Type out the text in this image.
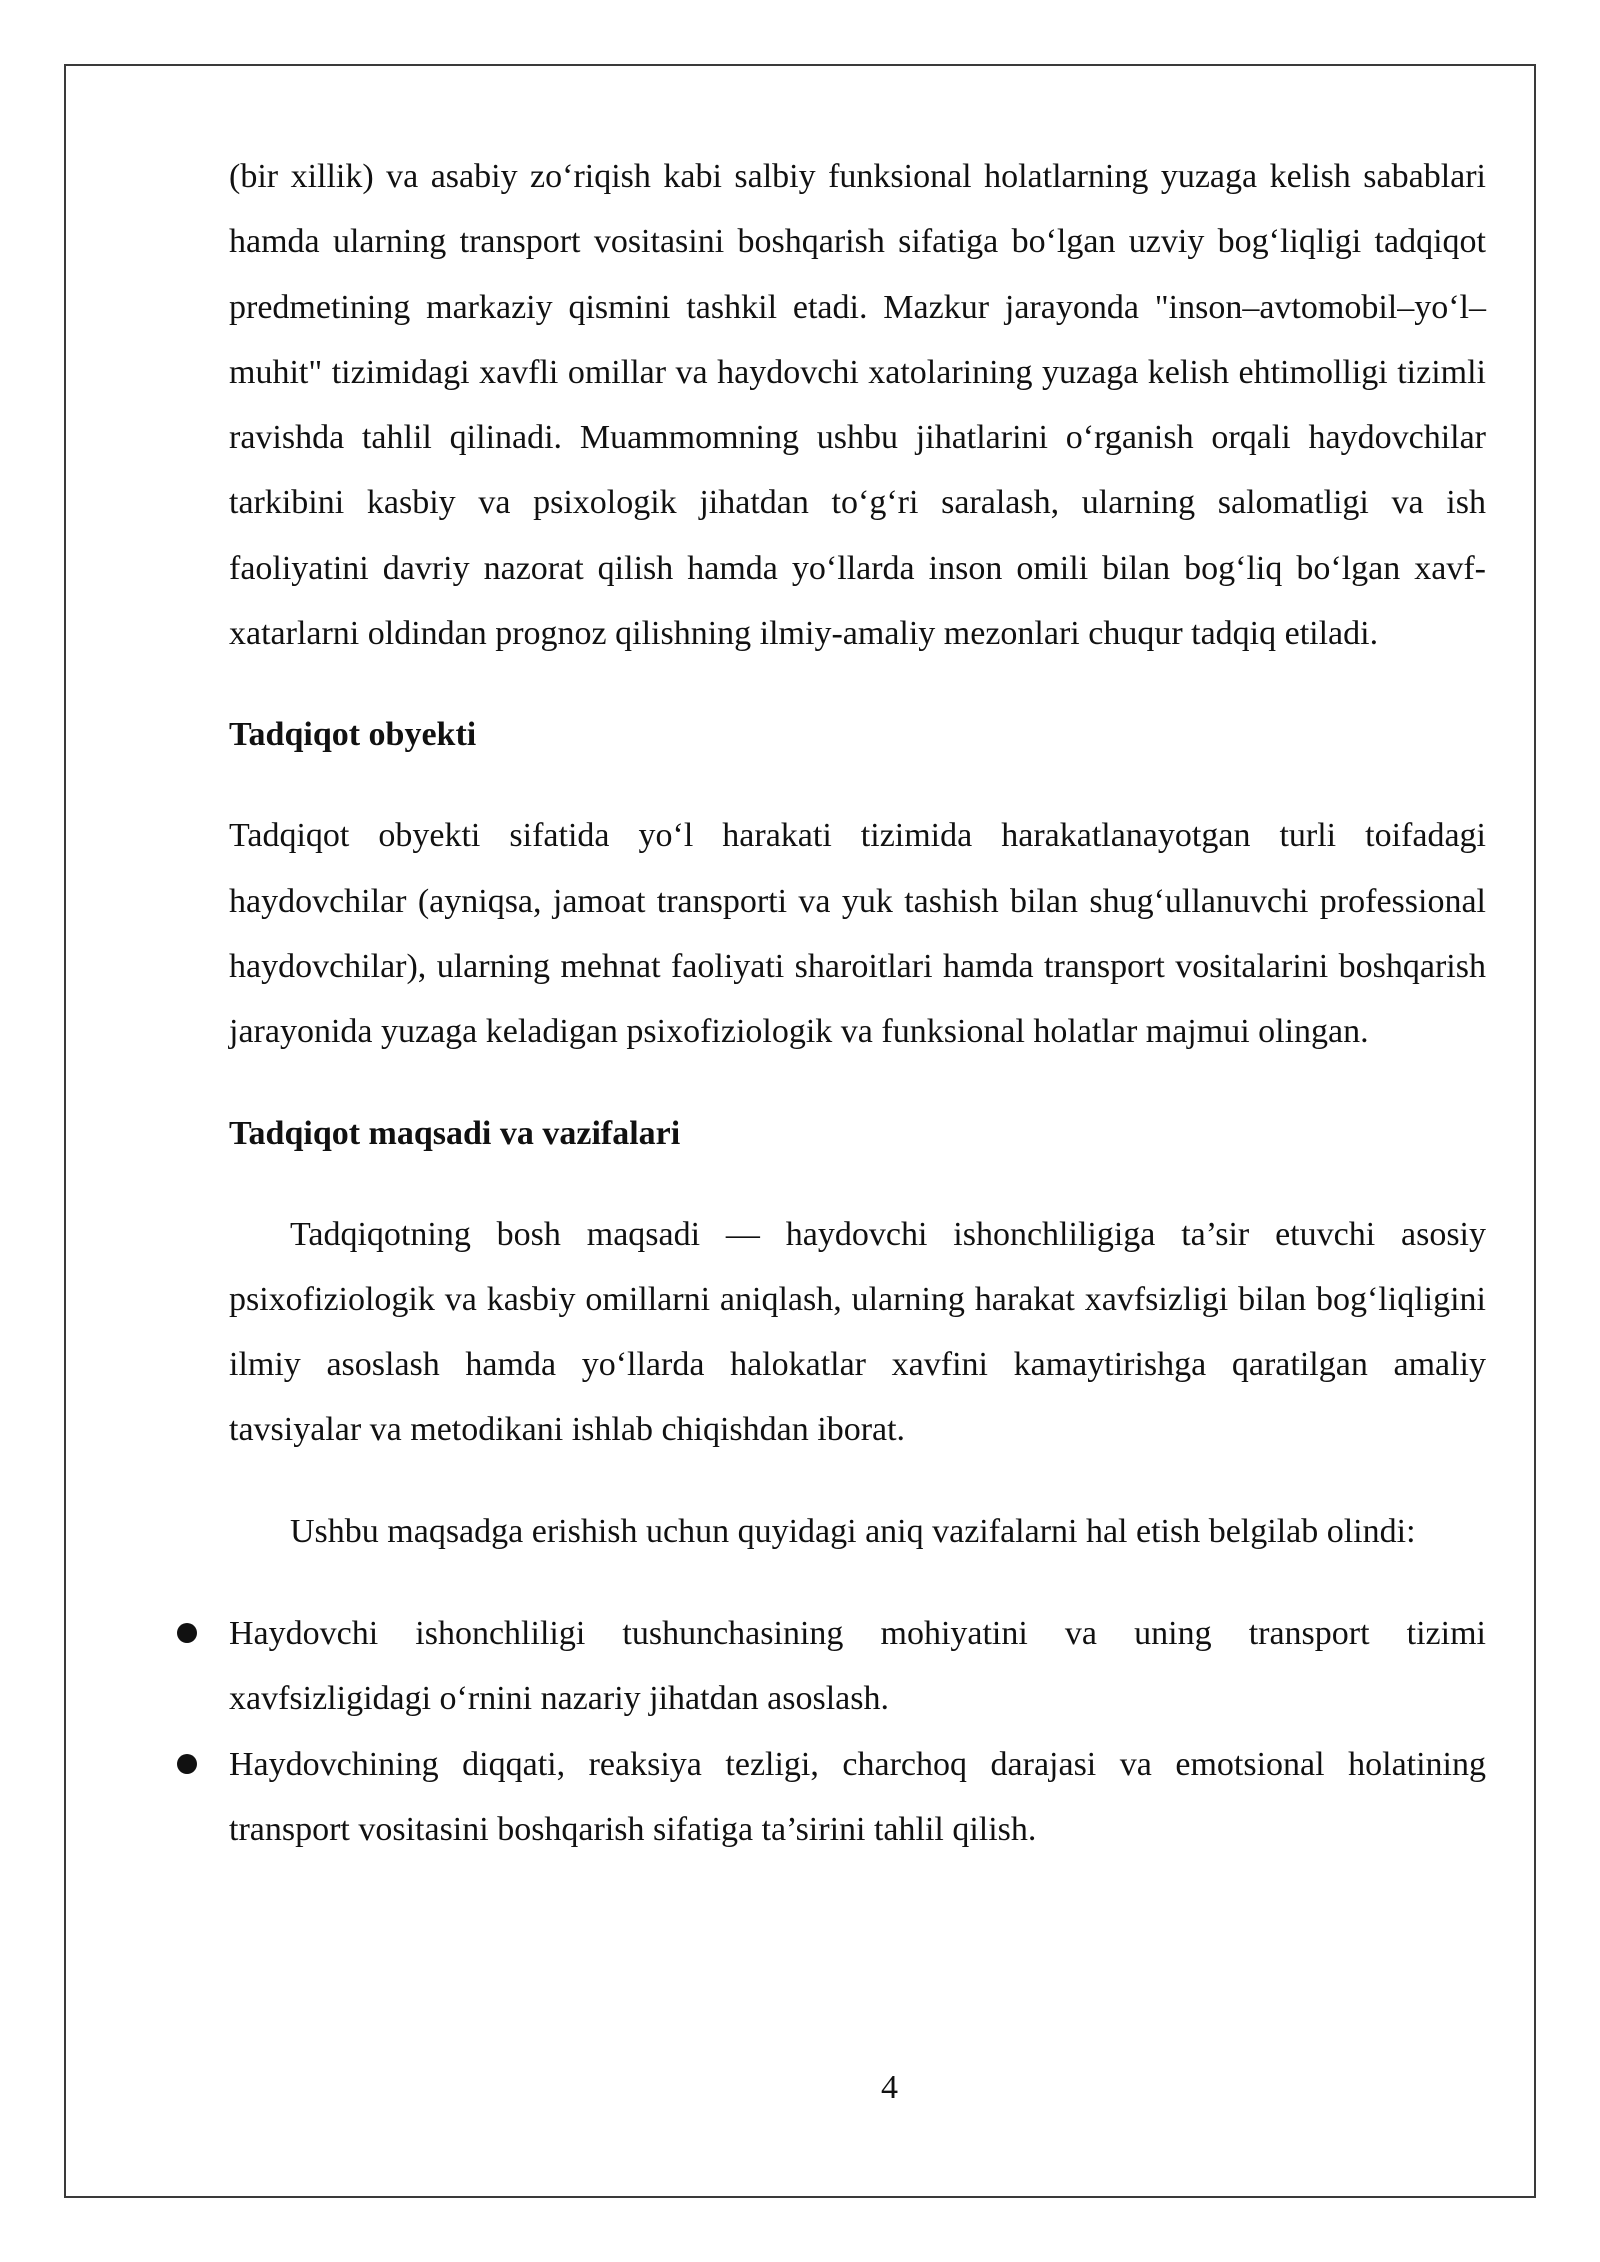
(bir xillik) va asabiy zo‘riqish kabi salbiy funksional holatlarning yuzaga kelish sabablari hamda ularning transport vositasini boshqarish sifatiga bo‘lgan uzviy bog‘liqligi tadqiqot predmetining markaziy qismini tashkil etadi. Mazkur jarayonda "inson–avtomobil–yo‘l–muhit" tizimidagi xavfli omillar va haydovchi xatolarining yuzaga kelish ehtimolligi tizimli ravishda tahlil qilinadi. Muammomning ushbu jihatlarini o‘rganish orqali haydovchilar tarkibini kasbiy va psixologik jihatdan to‘g‘ri saralash, ularning salomatligi va ish faoliyatini davriy nazorat qilish hamda yo‘llarda inson omili bilan bog‘liq bo‘lgan xavf-xatarlarni oldindan prognoz qilishning ilmiy-amaliy mezonlari chuqur tadqiq etiladi.

Tadqiqot obyekti

Tadqiqot obyekti sifatida yo‘l harakati tizimida harakatlanayotgan turli toifadagi haydovchilar (ayniqsa, jamoat transporti va yuk tashish bilan shug‘ullanuvchi professional haydovchilar), ularning mehnat faoliyati sharoitlari hamda transport vositalarini boshqarish jarayonida yuzaga keladigan psixofiziologik va funksional holatlar majmui olingan.

Tadqiqot maqsadi va vazifalari

Tadqiqotning bosh maqsadi — haydovchi ishonchliligiga ta’sir etuvchi asosiy psixofiziologik va kasbiy omillarni aniqlash, ularning harakat xavfsizligi bilan bog‘liqligini ilmiy asoslash hamda yo‘llarda halokatlar xavfini kamaytirishga qaratilgan amaliy tavsiyalar va metodikani ishlab chiqishdan iborat.

Ushbu maqsadga erishish uchun quyidagi aniq vazifalarni hal etish belgilab olindi:

Haydovchi ishonchliligi tushunchasining mohiyatini va uning transport tizimi xavfsizligidagi o‘rnini nazariy jihatdan asoslash.
Haydovchining diqqati, reaksiya tezligi, charchoq darajasi va emotsional holatining transport vositasini boshqarish sifatiga ta’sirini tahlil qilish.
4
